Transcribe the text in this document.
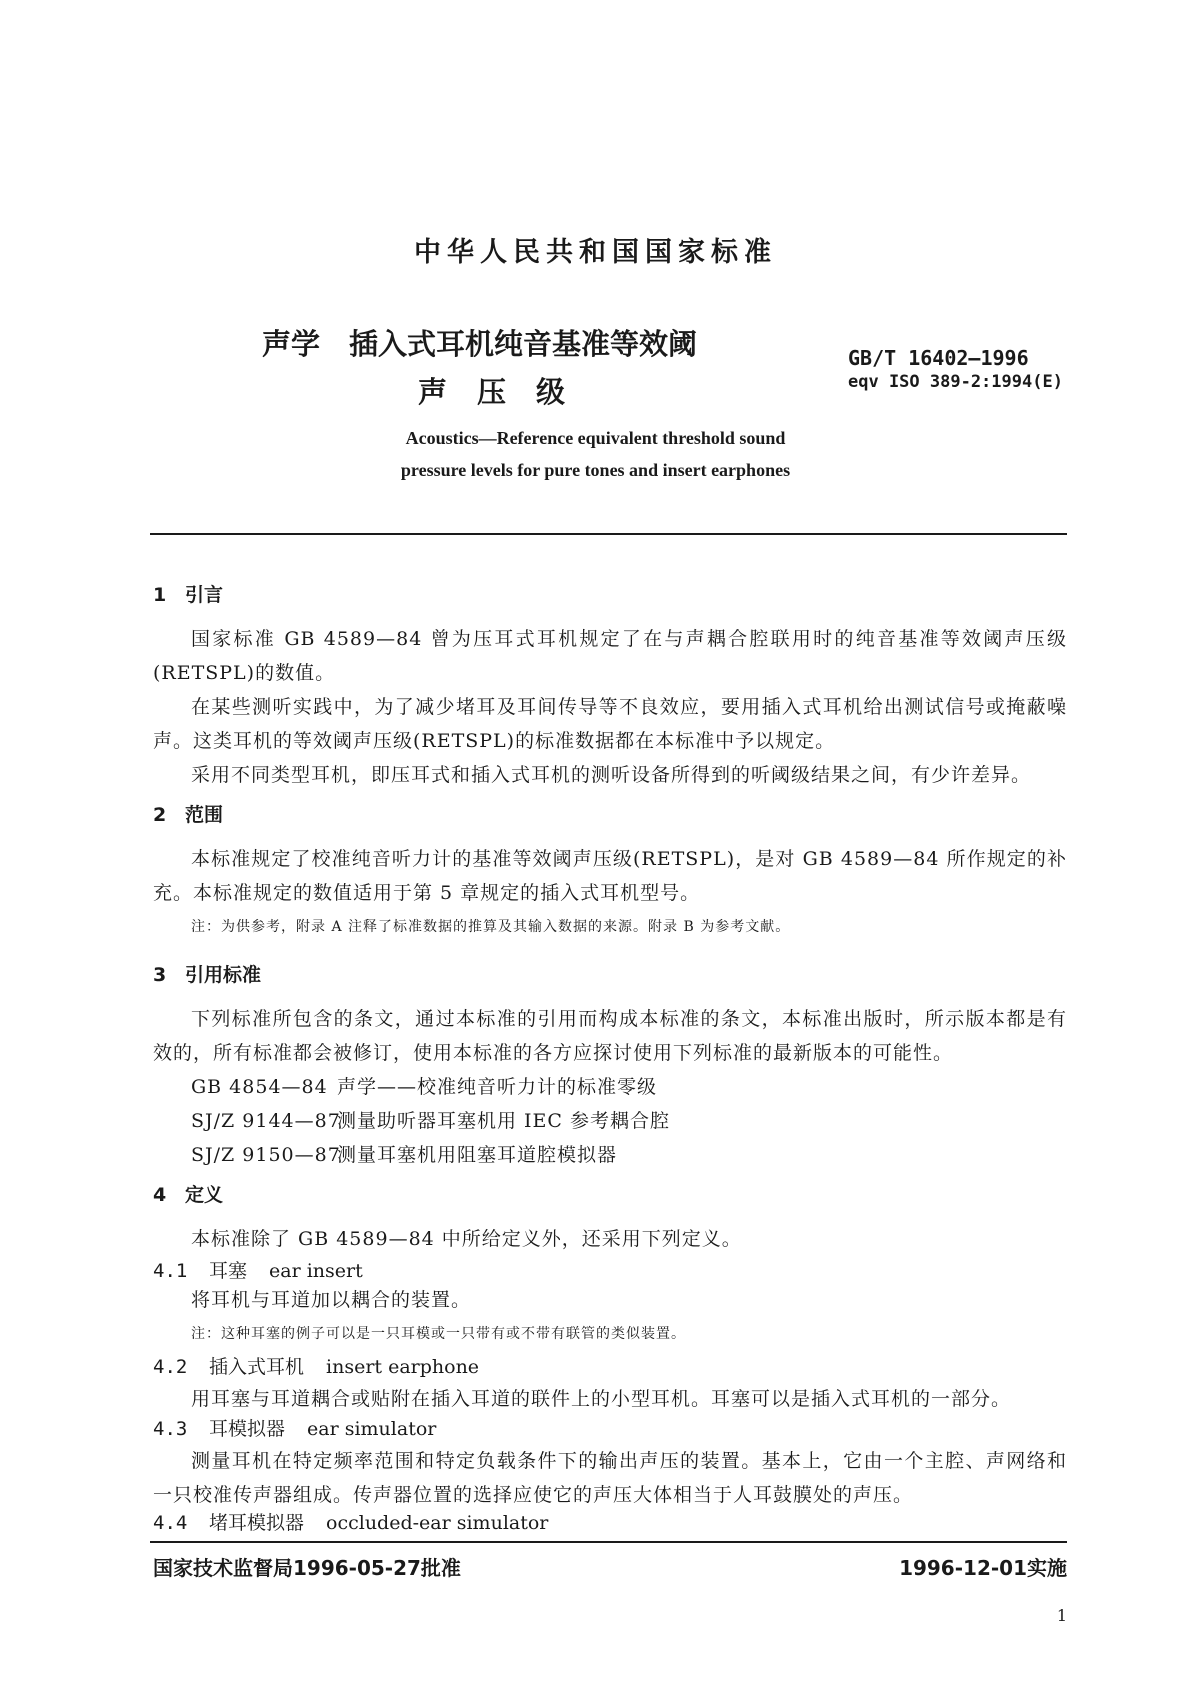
中华人民共和国国家标准
声学　插入式耳机纯音基准等效阈
声压级
GB/T 16402—1996
eqv ISO 389-2:1994(E)
Acoustics—Reference equivalent threshold sound
pressure levels for pure tones and insert earphones
1 引言

国家标准 GB 4589—84 曾为压耳式耳机规定了在与声耦合腔联用时的纯音基准等效阈声压级(RETSPL)的数值。

在某些测听实践中，为了减少堵耳及耳间传导等不良效应，要用插入式耳机给出测试信号或掩蔽噪声。这类耳机的等效阈声压级(RETSPL)的标准数据都在本标准中予以规定。

采用不同类型耳机，即压耳式和插入式耳机的测听设备所得到的听阈级结果之间，有少许差异。

2 范围

本标准规定了校准纯音听力计的基准等效阈声压级(RETSPL)，是对 GB 4589—84 所作规定的补充。本标准规定的数值适用于第 5 章规定的插入式耳机型号。

注：为供参考，附录 A 注释了标准数据的推算及其输入数据的来源。附录 B 为参考文献。
3 引用标准

下列标准所包含的条文，通过本标准的引用而构成本标准的条文，本标准出版时，所示版本都是有效的，所有标准都会被修订，使用本标准的各方应探讨使用下列标准的最新版本的可能性。

GB 4854—84 声学——校准纯音听力计的标准零级
SJ/Z 9144—87测量助听器耳塞机用 IEC 参考耦合腔
SJ/Z 9150—87测量耳塞机用阻塞耳道腔模拟器
4 定义
本标准除了 GB 4589—84 中所给定义外，还采用下列定义。
4.1 耳塞 ear insert
将耳机与耳道加以耦合的装置。
注：这种耳塞的例子可以是一只耳模或一只带有或不带有联管的类似装置。
4.2 插入式耳机 insert earphone
用耳塞与耳道耦合或贴附在插入耳道的联件上的小型耳机。耳塞可以是插入式耳机的一部分。
4.3 耳模拟器 ear simulator

测量耳机在特定频率范围和特定负载条件下的输出声压的装置。基本上，它由一个主腔、声网络和一只校准传声器组成。传声器位置的选择应使它的声压大体相当于人耳鼓膜处的声压。

4.4 堵耳模拟器 occluded-ear simulator
国家技术监督局1996-05-27批准	1996-12-01实施
1
